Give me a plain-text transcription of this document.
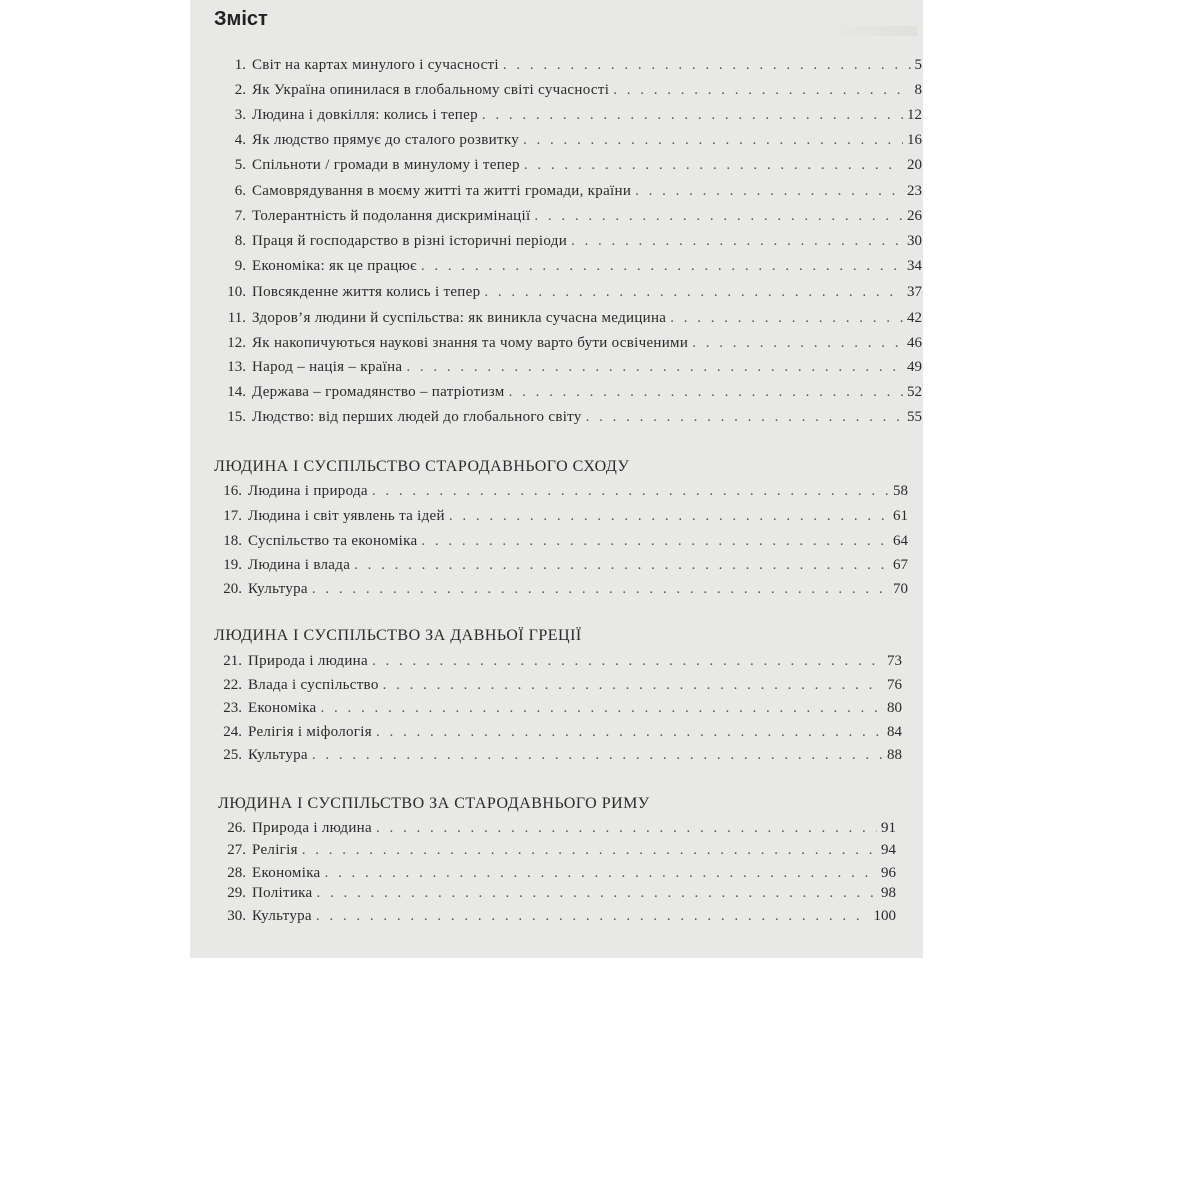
Зміст
1. Світ на картах минулого і сучасності . . .	5
2. Як Україна опинилася в глобальному світі сучасності . . .	8
3. Людина і довкілля: колись і тепер . . .	12
4. Як людство прямує до сталого розвитку . . .	16
5. Спільноти / громади в минулому і тепер . . .	20
6. Самоврядування в моєму житті та житті громади, країни . . .	23
7. Толерантність й подолання дискримінації . . .	26
8. Праця й господарство в різні історичні періоди . . .	30
9. Економіка: як це працює . . .	34
10. Повсякденне життя колись і тепер . . .	37
11. Здоров’я людини й суспільства: як виникла сучасна медицина . . .	42
12. Як накопичуються наукові знання та чому варто бути освіченими . . .	46
13. Народ – нація – країна . . .	49
14. Держава – громадянство – патріотизм . . .	52
15. Людство: від перших людей до глобального світу . . .	55
ЛЮДИНА І СУСПІЛЬСТВО СТАРОДАВНЬОГО СХОДУ
16. Людина і природа . . .	58
17. Людина і світ уявлень та ідей . . .	61
18. Суспільство та економіка . . .	64
19. Людина і влада . . .	67
20. Культура . . .	70
ЛЮДИНА І СУСПІЛЬСТВО ЗА ДАВНЬОЇ ГРЕЦІЇ
21. Природа і людина . . .	73
22. Влада і суспільство . . .	76
23. Економіка . . .	80
24. Релігія і міфологія . . .	84
25. Культура . . .	88
ЛЮДИНА І СУСПІЛЬСТВО ЗА СТАРОДАВНЬОГО РИМУ
26. Природа і людина . . .	91
27. Релігія . . .	94
28. Економіка . . .	96
29. Політика . . .	98
30. Культура . . .	100
